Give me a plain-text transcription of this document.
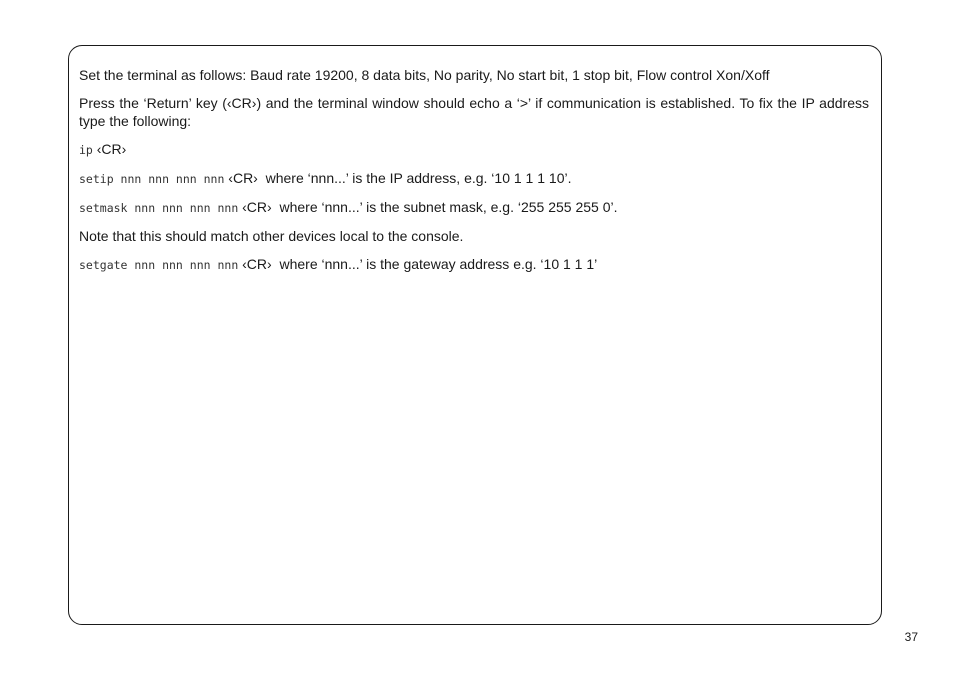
Set the terminal as follows: Baud rate 19200, 8 data bits, No parity, No start bit, 1 stop bit, Flow control Xon/Xoff

Press the ‘Return’ key (‹CR›) and the terminal window should echo a ‘>’ if communication is established. To fix the IP address type the following:

ip ‹CR›

setip nnn nnn nnn nnn ‹CR› where ‘nnn...’ is the IP address, e.g. ‘10 1 1 1 10’.

setmask nnn nnn nnn nnn ‹CR› where ‘nnn...’ is the subnet mask, e.g. ‘255 255 255 0’.

Note that this should match other devices local to the console.

setgate nnn nnn nnn nnn ‹CR› where ‘nnn...’ is the gateway address e.g. ‘10 1 1 1’

37
